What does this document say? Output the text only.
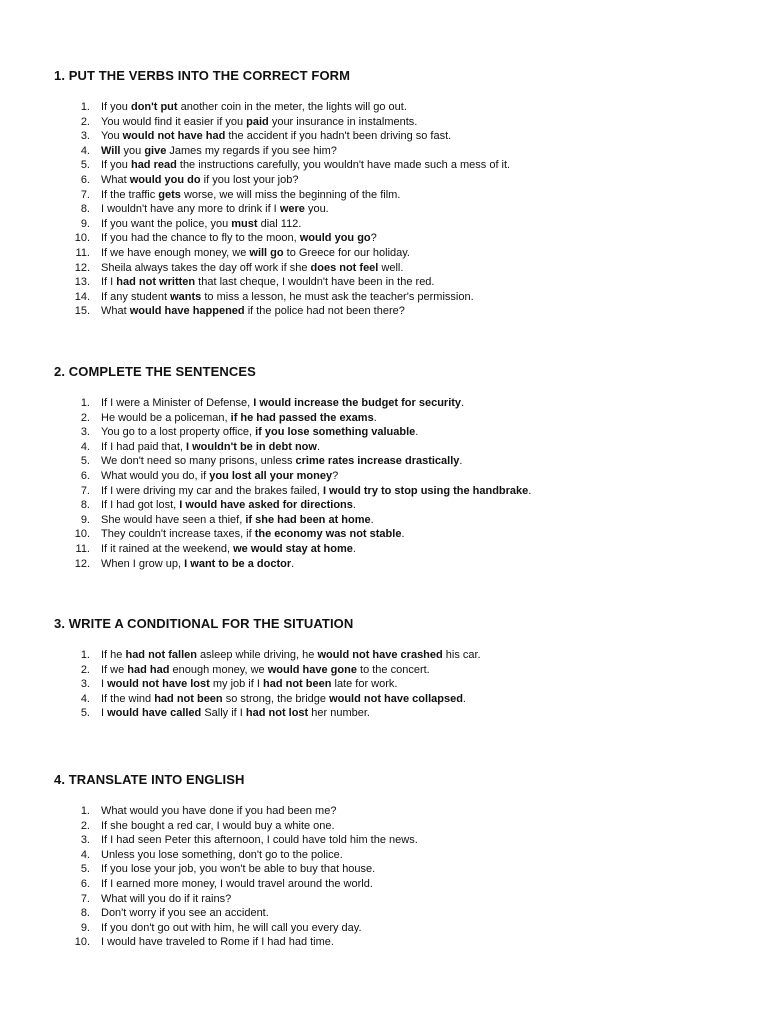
1. PUT THE VERBS INTO THE CORRECT FORM
1. If you don't put another coin in the meter, the lights will go out.
2. You would find it easier if you paid your insurance in instalments.
3. You would not have had the accident if you hadn't been driving so fast.
4. Will you give James my regards if you see him?
5. If you had read the instructions carefully, you wouldn't have made such a mess of it.
6. What would you do if you lost your job?
7. If the traffic gets worse, we will miss the beginning of the film.
8. I wouldn't have any more to drink if I were you.
9. If you want the police, you must dial 112.
10. If you had the chance to fly to the moon, would you go?
11. If we have enough money, we will go to Greece for our holiday.
12. Sheila always takes the day off work if she does not feel well.
13. If I had not written that last cheque, I wouldn't have been in the red.
14. If any student wants to miss a lesson, he must ask the teacher's permission.
15. What would have happened if the police had not been there?
2. COMPLETE THE SENTENCES
1. If I were a Minister of Defense, I would increase the budget for security.
2. He would be a policeman, if he had passed the exams.
3. You go to a lost property office, if you lose something valuable.
4. If I had paid that, I wouldn't be in debt now.
5. We don't need so many prisons, unless crime rates increase drastically.
6. What would you do, if you lost all your money?
7. If I were driving my car and the brakes failed, I would try to stop using the handbrake.
8. If I had got lost, I would have asked for directions.
9. She would have seen a thief, if she had been at home.
10. They couldn't increase taxes, if the economy was not stable.
11. If it rained at the weekend, we would stay at home.
12. When I grow up, I want to be a doctor.
3. WRITE A CONDITIONAL FOR THE SITUATION
1. If he had not fallen asleep while driving, he would not have crashed his car.
2. If we had had enough money, we would have gone to the concert.
3. I would not have lost my job if I had not been late for work.
4. If the wind had not been so strong, the bridge would not have collapsed.
5. I would have called Sally if I had not lost her number.
4. TRANSLATE INTO ENGLISH
1. What would you have done if you had been me?
2. If she bought a red car, I would buy a white one.
3. If I had seen Peter this afternoon, I could have told him the news.
4. Unless you lose something, don't go to the police.
5. If you lose your job, you won't be able to buy that house.
6. If I earned more money, I would travel around the world.
7. What will you do if it rains?
8. Don't worry if you see an accident.
9. If you don't go out with him, he will call you every day.
10. I would have traveled to Rome if I had had time.
